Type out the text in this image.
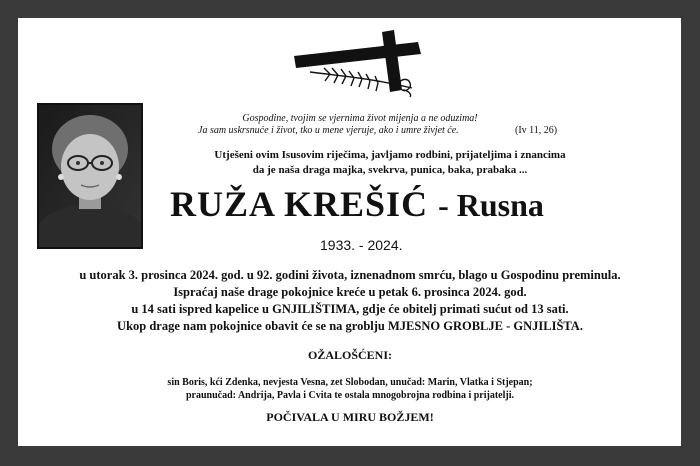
Gospodine, tvojim se vjernima život mijenja a ne oduzima!
Ja sam uskrsnuće i život, tko u mene vjeruje, ako i umre živjet će.	(Iv 11, 26)
Utješeni ovim Isusovim riječima, javljamo rodbini, prijateljima i znancima
da je naša draga majka, svekrva, punica, baka, prabaka ...
RUŽA KREŠIĆ - Rusna
1933. - 2024.
u utorak 3. prosinca 2024. god. u 92. godini života, iznenadnom smrću, blago u Gospodinu preminula.
Ispraćaj naše drage pokojnice kreće u petak 6. prosinca 2024. god.
u 14 sati ispred kapelice u GNJILIŠTIMA, gdje će obitelj primati sućut od 13 sati.
Ukop drage nam pokojnice obavit će se na groblju MJESNO GROBLJE - GNJILIŠTA.
OŽALOŠĆENI:
sin Boris, kći Zdenka, nevjesta Vesna, zet Slobodan, unučad: Marin, Vlatka i Stjepan;
praunučad: Andrija, Pavla i Cvita te ostala mnogobrojna rodbina i prijatelji.
POČIVALA U MIRU BOŽJEM!
